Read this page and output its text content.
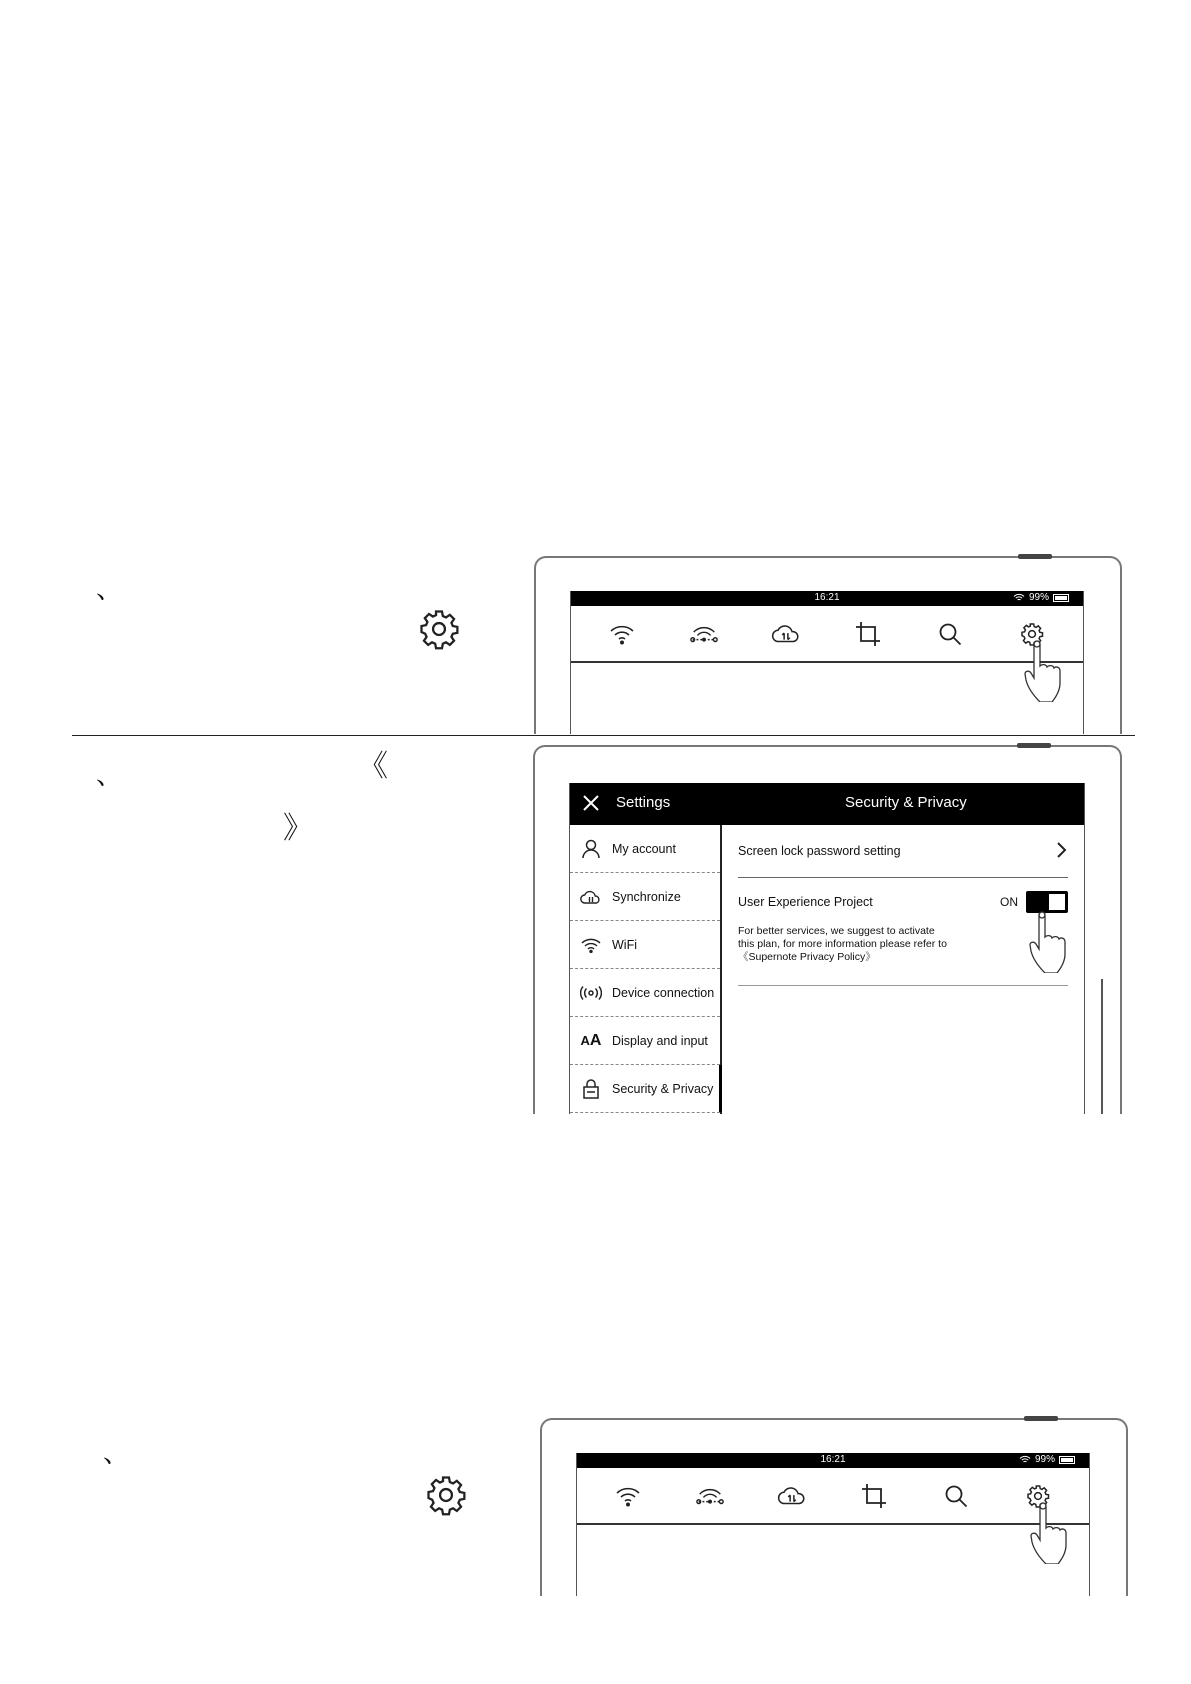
、	16:21	99%
、	《
》
Settings	Security & Privacy
My account
Synchronize
WiFi
Device connection
A A Display and input
Security & Privacy
Screen lock password setting
User Experience Project	ON
For better services, we suggest to activate
this plan, for more information please refer to
《Supernote Privacy Policy》
、	16:21	99%
